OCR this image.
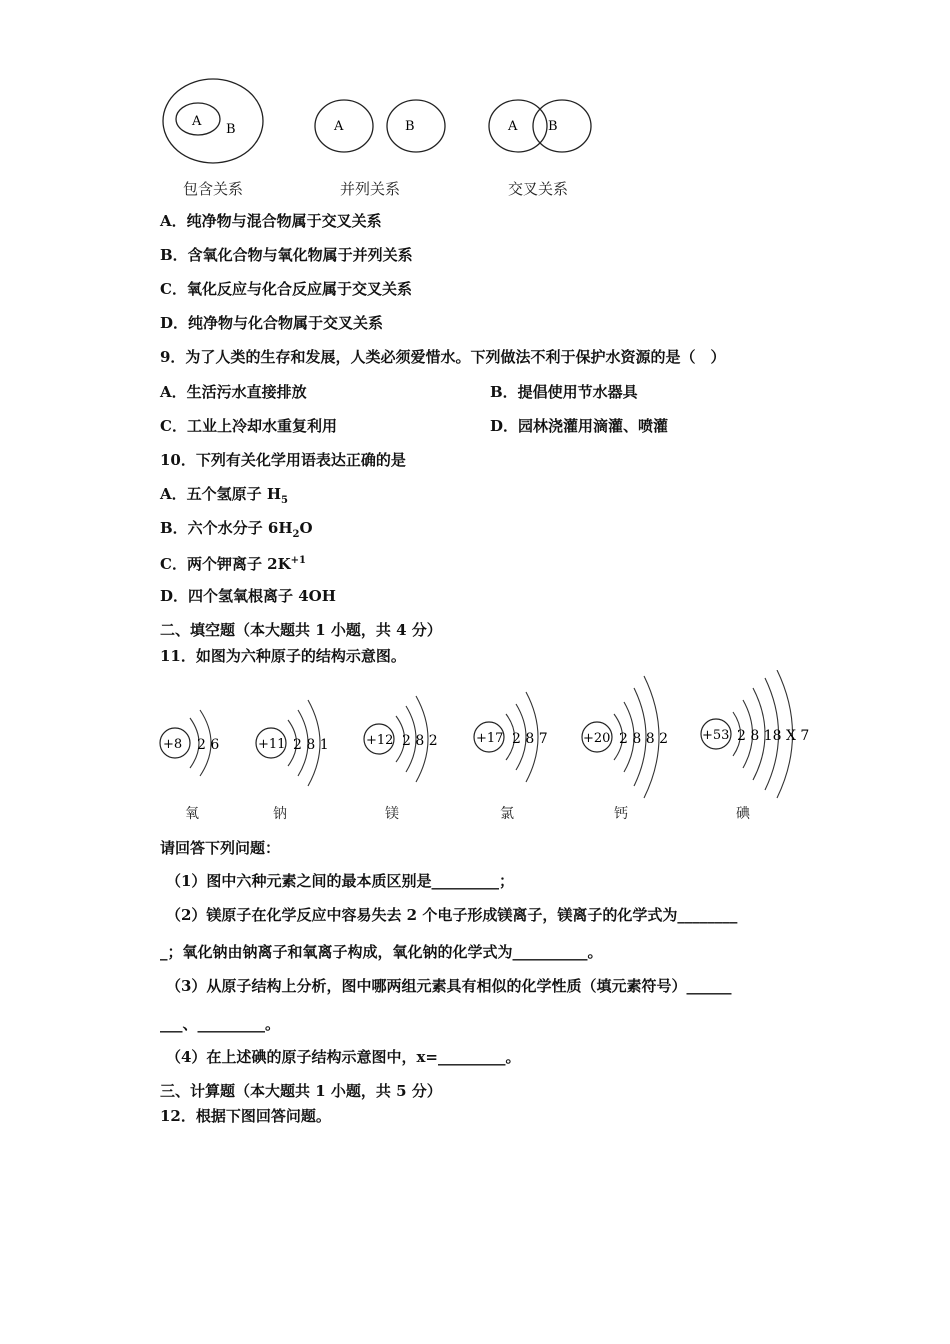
A
B	A	B	A B
包含关系	并列关系	交叉关系
A．纯净物与混合物属于交叉关系
B．含氧化合物与氧化物属于并列关系
C．氧化反应与化合反应属于交叉关系
D．纯净物与化合物属于交叉关系
9．为了人类的生存和发展，人类必须爱惜水。下列做法不利于保护水资源的是（　）
A．生活污水直接排放	B．提倡使用节水器具
C．工业上冷却水重复利用	D．园林浇灌用滴灌、喷灌
10．下列有关化学用语表达正确的是
A．五个氢原子 $H_5$
B．六个水分子 $6H_2O$
C．两个钾离子 $2K^{+1}$
D．四个氢氧根离子 4OH
二、填空题（本大题共 1 小题，共 4 分）
11．如图为六种原子的结构示意图。
+8 2 6	+11 2 8 1	+12 2 8 2	+17 2 8 7	+20 2 8 8 2	+53 2 8 18 X 7
氧	钠	镁	氯	钙	碘
请回答下列问题：
（1）图中六种元素之间的最本质区别是_________；
（2）镁原子在化学反应中容易失去 2 个电子形成镁离子，镁离子的化学式为________
_；氧化钠由钠离子和氧离子构成，氧化钠的化学式为__________。
（3）从原子结构上分析，图中哪两组元素具有相似的化学性质（填元素符号）______
___、_________。
（4）在上述碘的原子结构示意图中，x=_________。
三、计算题（本大题共 1 小题，共 5 分）
12．根据下图回答问题。
